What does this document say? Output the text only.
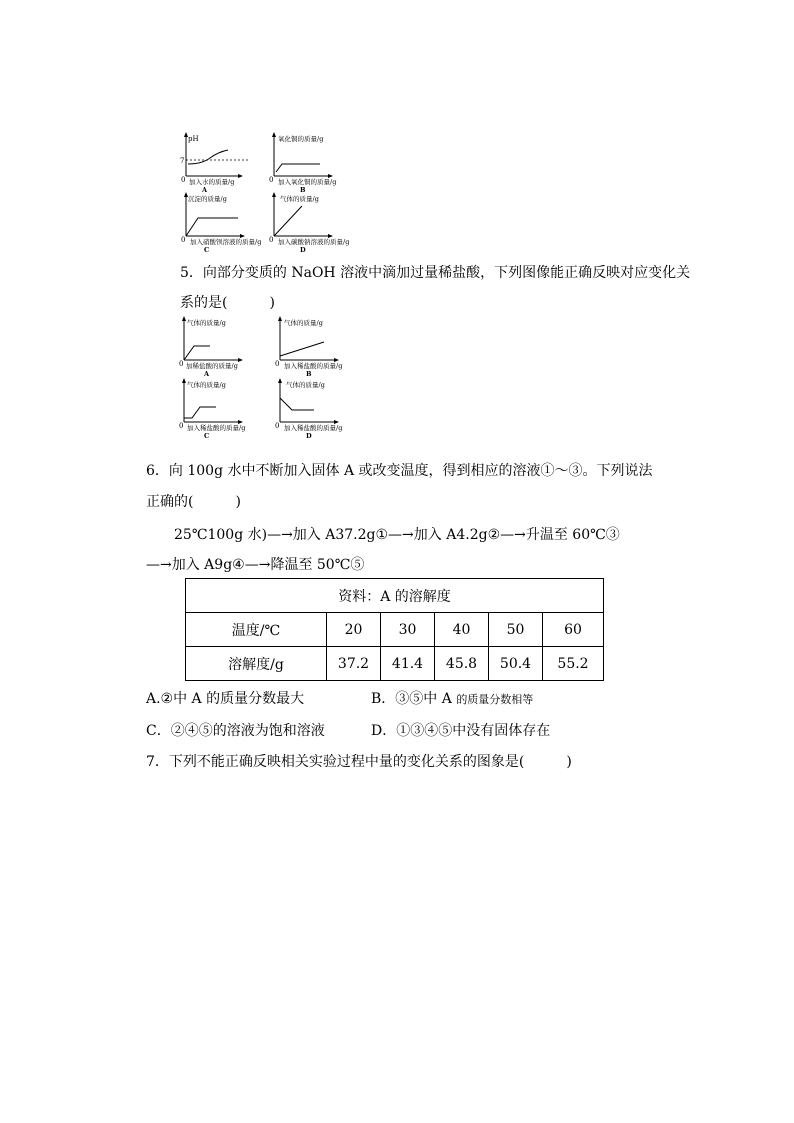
pH
7
0 加入水的质量/g
A
氧化铜的质量/g
0 加入氧化铜的质量/g
B
沉淀的质量/g
0 加入硝酸钡溶液的质量/g
C
气体的质量/g
0 加入碳酸钠溶液的质量/g
D
5．向部分变质的 NaOH 溶液中滴加过量稀盐酸，下列图像能正确反映对应变化关
系的是(　　　)
气体的质量/g
0 加稀盐酸的质量/g
A
气体的质量/g
0 加入稀盐酸的质量/g
B
气体的质量/g
0 加入稀盐酸的质量/g
C
气体的质量/g
0 加入稀盐酸的质量/g
D
6．向 100g 水中不断加入固体 A 或改变温度，得到相应的溶液①～③。下列说法
正确的(　　　)
25℃100g 水)—→加入 A37.2g①—→加入 A4.2g②—→升温至 60℃③
—→加入 A9g④—→降温至 50℃⑤
资料：A 的溶解度					
温度/℃	20	30	40	50	60
溶解度/g	37.2	41.4	45.8	50.4	55.2
A.②中 A 的质量分数最大	B．③⑤中 A 的质量分数相等
C．②④⑤的溶液为饱和溶液	D．①③④⑤中没有固体存在
7．下列不能正确反映相关实验过程中量的变化关系的图象是(　　　)
